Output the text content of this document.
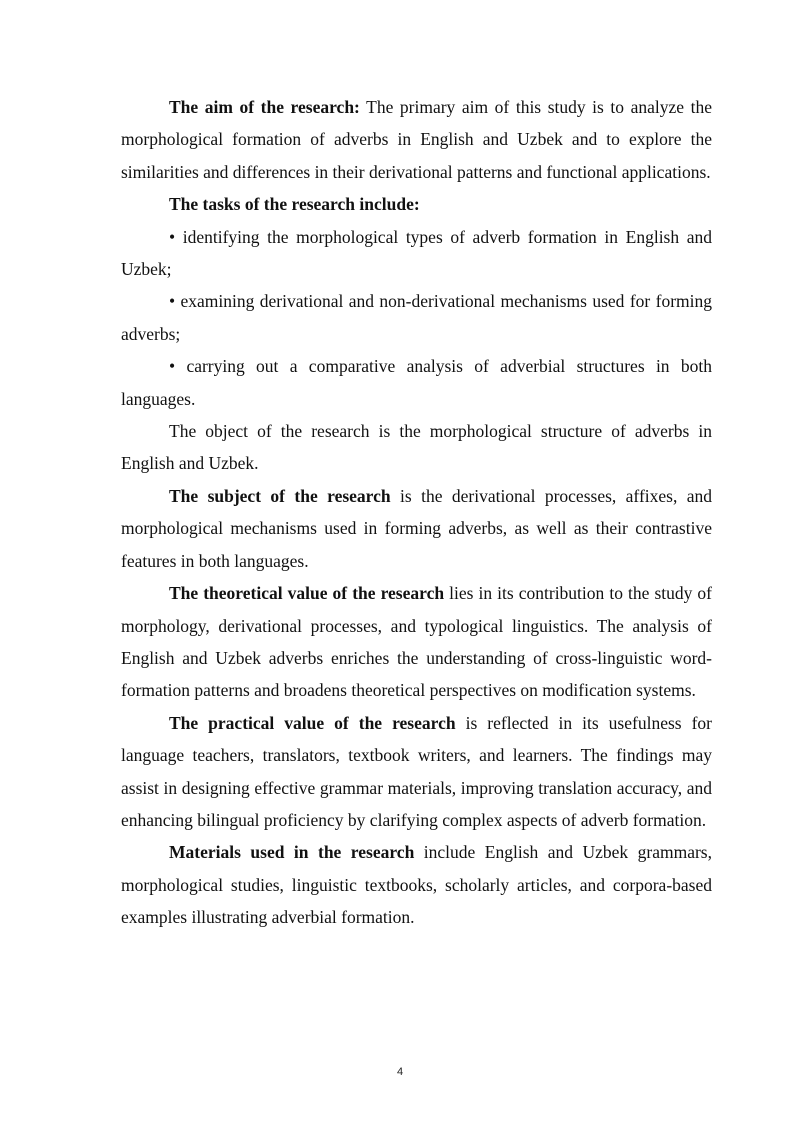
The aim of the research: The primary aim of this study is to analyze the morphological formation of adverbs in English and Uzbek and to explore the similarities and differences in their derivational patterns and functional applications.

The tasks of the research include:

• identifying the morphological types of adverb formation in English and Uzbek;

• examining derivational and non-derivational mechanisms used for forming adverbs;

• carrying out a comparative analysis of adverbial structures in both languages.

The object of the research is the morphological structure of adverbs in English and Uzbek.

The subject of the research is the derivational processes, affixes, and morphological mechanisms used in forming adverbs, as well as their contrastive features in both languages.

The theoretical value of the research lies in its contribution to the study of morphology, derivational processes, and typological linguistics. The analysis of English and Uzbek adverbs enriches the understanding of cross-linguistic word-formation patterns and broadens theoretical perspectives on modification systems.

The practical value of the research is reflected in its usefulness for language teachers, translators, textbook writers, and learners. The findings may assist in designing effective grammar materials, improving translation accuracy, and enhancing bilingual proficiency by clarifying complex aspects of adverb formation.

Materials used in the research include English and Uzbek grammars, morphological studies, linguistic textbooks, scholarly articles, and corpora-based examples illustrating adverbial formation.

4
